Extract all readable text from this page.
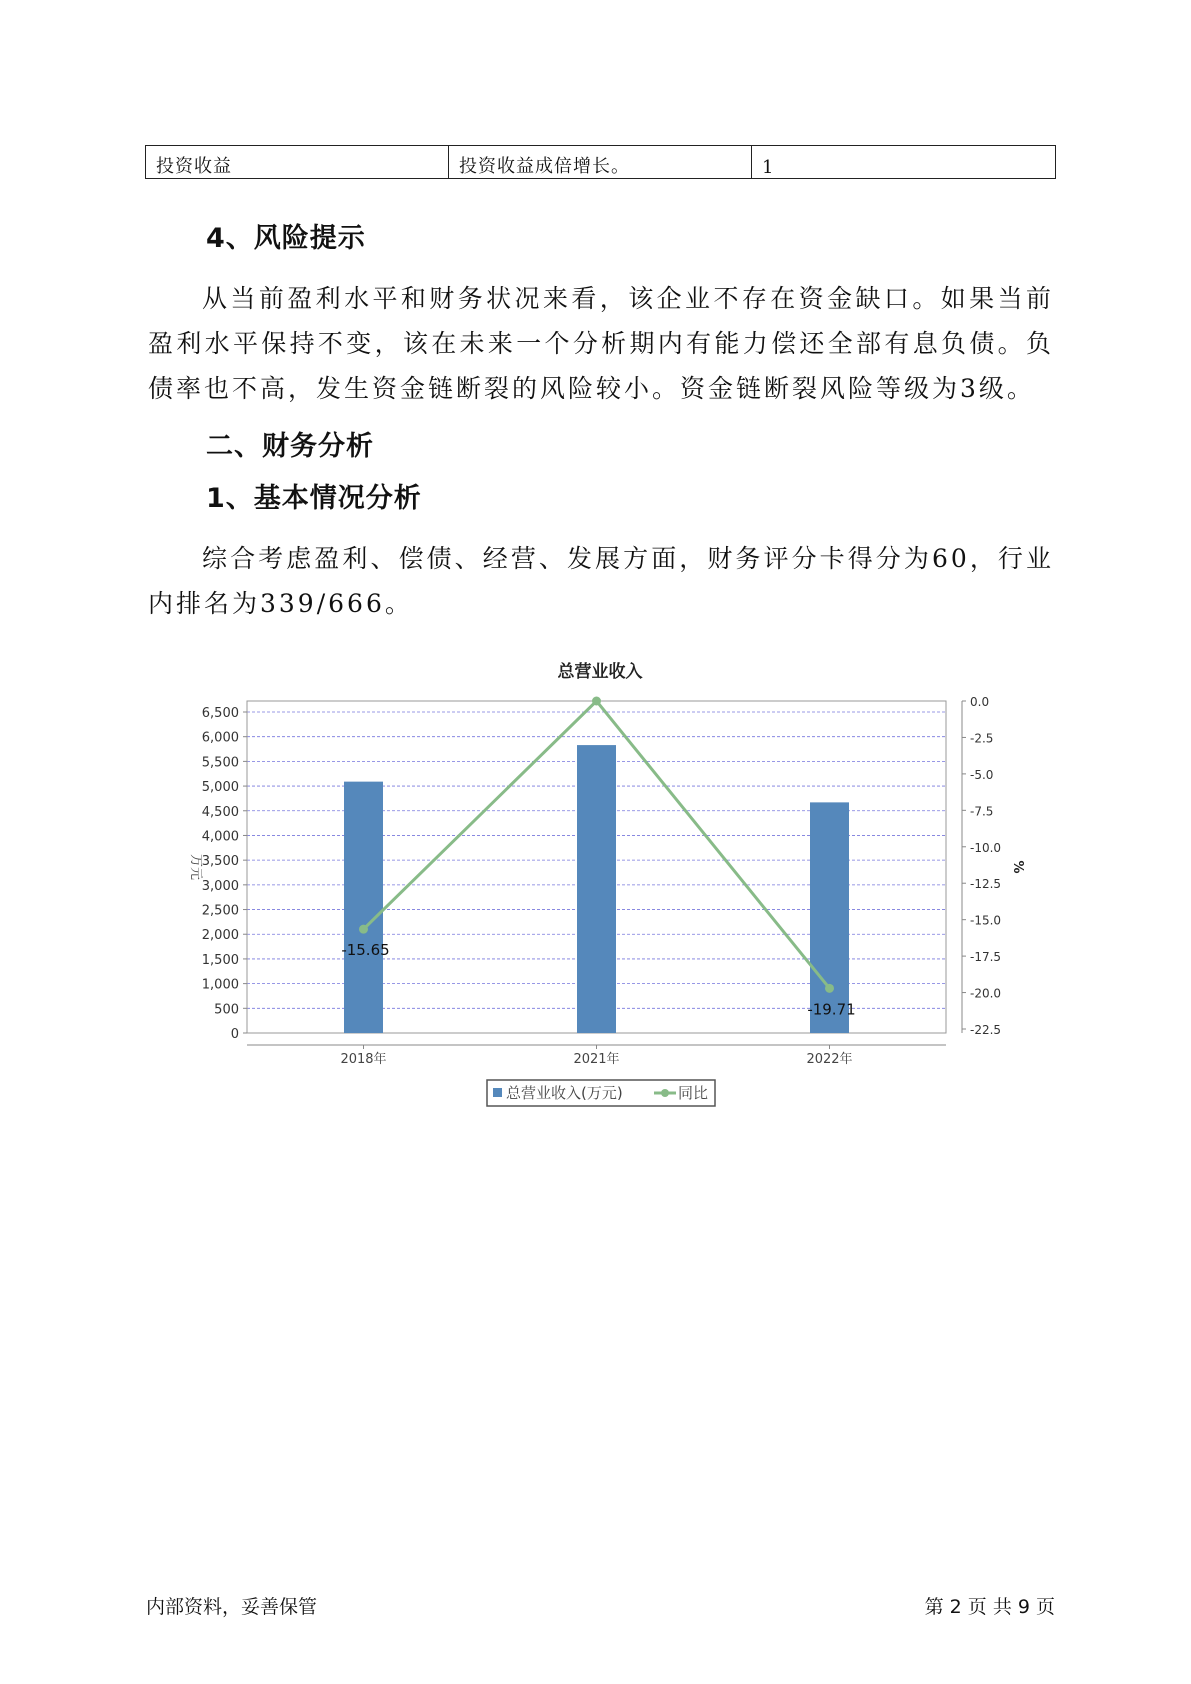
投资收益	投资收益成倍增长。	1
4、风险提示

从当前盈利水平和财务状况来看，该企业不存在资金缺口。如果当前盈利水平保持不变，该在未来一个分析期内有能力偿还全部有息负债。负债率也不高，发生资金链断裂的风险较小。资金链断裂风险等级为3级。

二、财务分析
1、基本情况分析

综合考虑盈利、偿债、经营、发展方面，财务评分卡得分为60，行业内排名为339/666。

总营业收入
0
500
1,000
1,500
2,000
2,500
3,000
3,500
4,000
4,500
5,000
5,500
6,000
6,500
0.0
-2.5
-5.0
-7.5
-10.0
-12.5
-15.0
-17.5
-20.0
-22.5
-15.65
-19.71
2018年	2021年	2022年
万元	%
总营业收入(万元)	同比
内部资料，妥善保管	第 2 页 共 9 页
